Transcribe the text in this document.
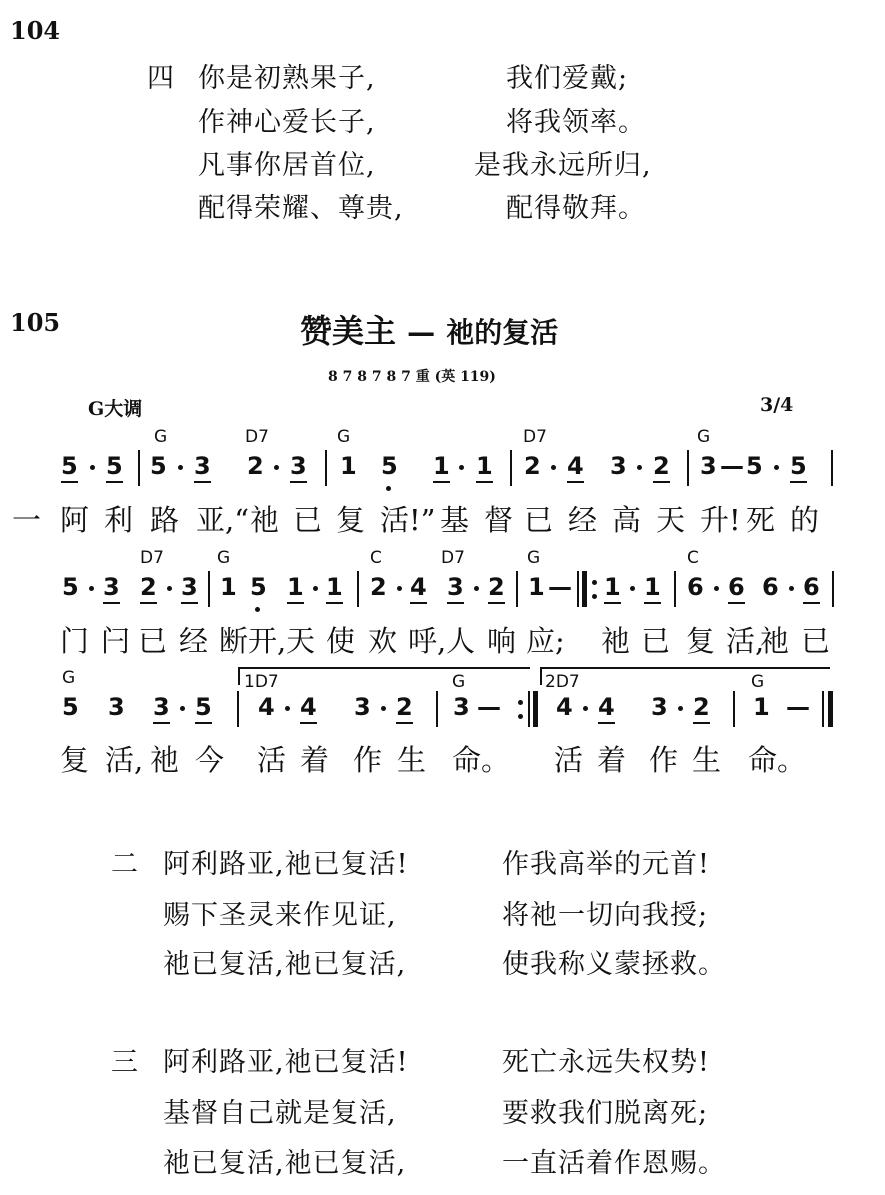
104
四 你是初熟果子,	我们爱戴;
作神心爱长子,	将我领率。
凡事你居首位,	是我永远所归,
配得荣耀、尊贵,	配得敬拜。
105	赞美主 — 祂的复活
8 7 8 7 8 7 重 (英 119)
G大调	3/4
G	D7	G	D7	G
5 5 5 3 2 3 1 5 1 1 2 4 3 2 3 — 5 5
一 阿 利 路 亚,“ 祂 已 复 活!” 基 督 已 经 高 天 升! 死 的
D7	G	C	D7	G	C
5 3 2 3 1 5 1 1 2 4 3 2 1 — 1 1 6 6 6 6
门 闩 已 经 断开, 天 使 欢 呼, 人 响 应; 祂 已 复 活,
祂 已
G	1D7	G	2D7	G
5 3 3 5 4 4 3 2 3 — 4 4 3 2 1 —
复 活, 祂 今 活 着 作 生 命。 活 着 作 生 命。
二 阿利路亚,祂已复活!	作我高举的元首!
赐下圣灵来作见证,	将祂一切向我授;
祂已复活,祂已复活,	使我称义蒙拯救。
三 阿利路亚,祂已复活!	死亡永远失权势!
基督自己就是复活,	要救我们脱离死;
祂已复活,祂已复活,	一直活着作恩赐。
